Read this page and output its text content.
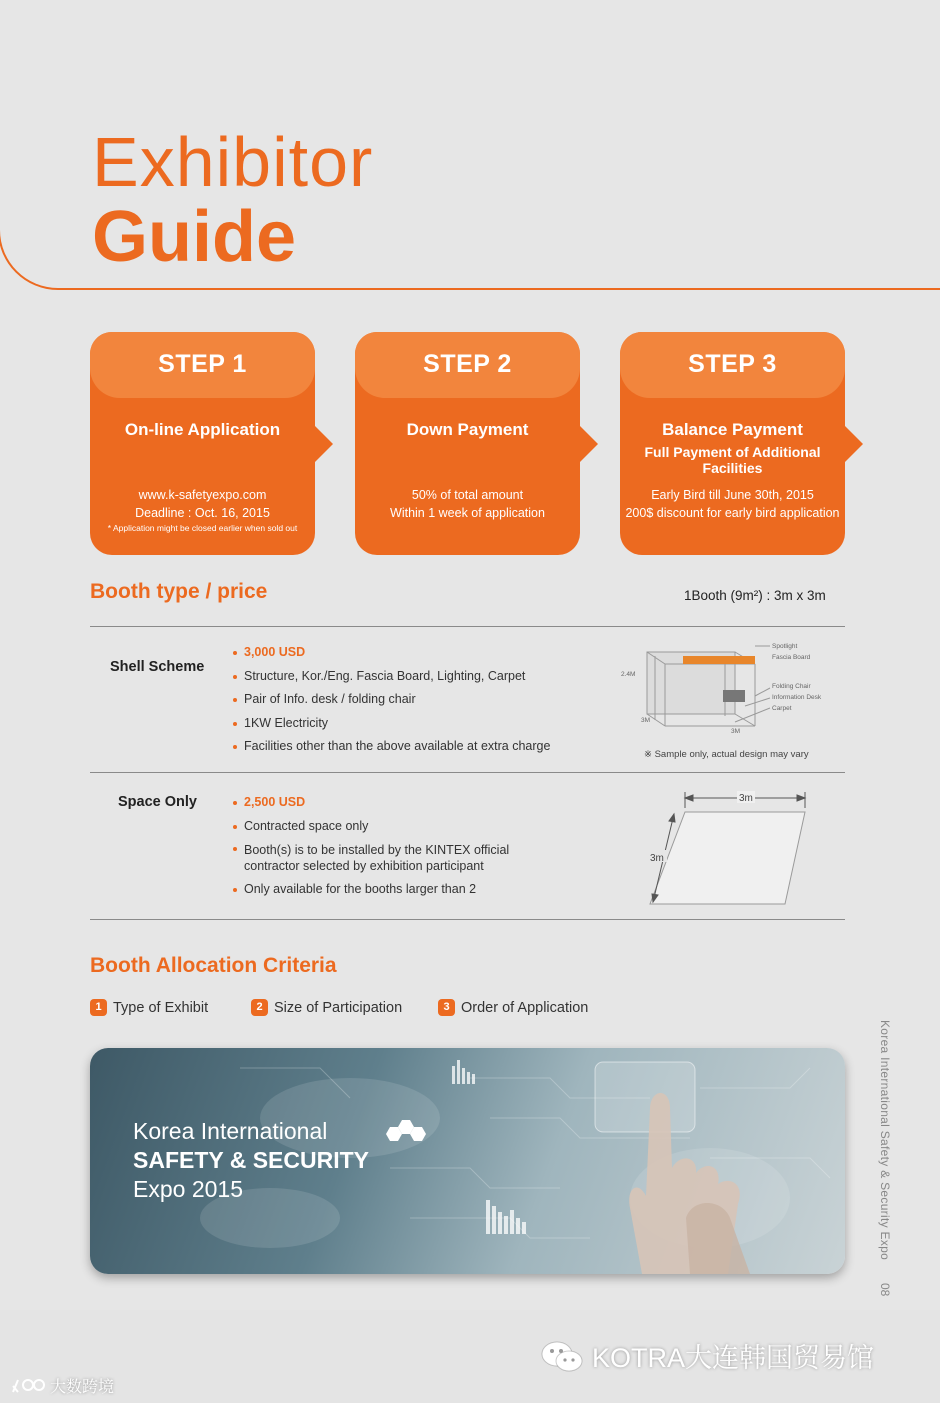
Exhibitor
Guide
STEP 1
On-line Application
www.k-safetyexpo.com
Deadline : Oct. 16, 2015
* Application might be closed earlier when sold out
STEP 2
Down Payment
50% of total amount
Within 1 week of application
STEP 3
Balance Payment
Full Payment of Additional Facilities
Early Bird till June 30th, 2015
200$ discount for early bird application
Booth type / price	1Booth (9m²) : 3m x 3m
Shell Scheme
3,000 USD
Structure, Kor./Eng. Fascia Board, Lighting, Carpet
Pair of Info. desk / folding chair
1KW Electricity
Facilities other than the above available at extra charge
Spotlight
Fascia Board
Folding Chair
Information Desk
Carpet
2.4M
3M
3M
※ Sample only, actual design may vary
Space Only	2,500 USD
Contracted space only
Booth(s) is to be installed by the KINTEX official contractor selected by exhibition participant
Only available for the booths larger than 2
3m
3m
Booth Allocation Criteria
1 Type of Exhibit	2 Size of Participation	3 Order of Application
Korea International
SAFETY & SECURITY
Expo 2015	Korea International Safety & Security Expo
08
KOTRA大连韩国贸易馆
大数跨境
